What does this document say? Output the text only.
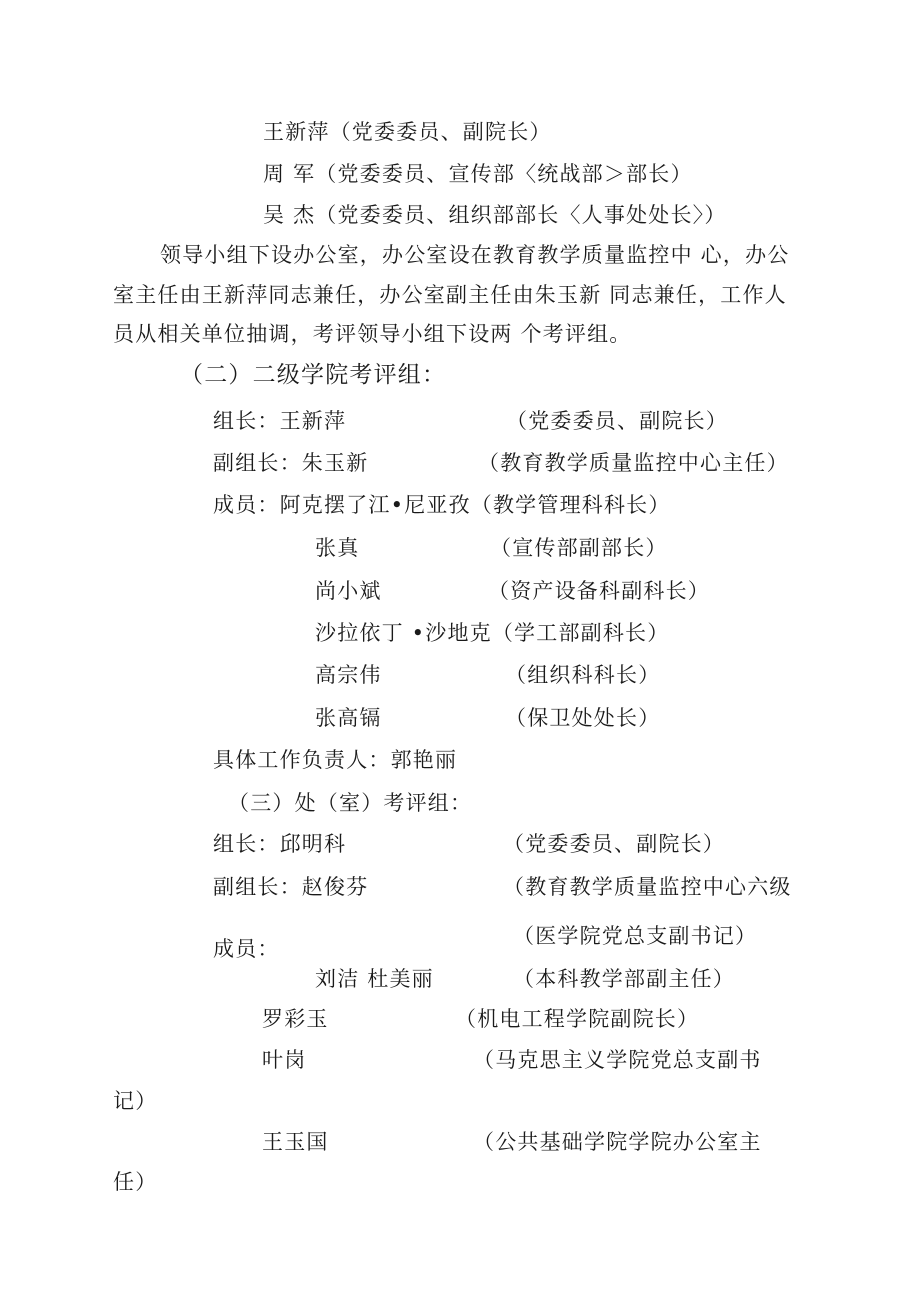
王新萍（党委委员、副院长）
周 军（党委委员、宣传部〈统战部＞部长）
吴 杰（党委委员、组织部部长〈人事处处长〉）
领导小组下设办公室，办公室设在教育教学质量监控中 心，办公
室主任由王新萍同志兼任，办公室副主任由朱玉新 同志兼任，工作人
员从相关单位抽调，考评领导小组下设两 个考评组。
（二）二级学院考评组：
组长：王新萍	（党委委员、副院长）
副组长：朱玉新	（教育教学质量监控中心主任）
成员：阿克摆了江•尼亚孜（教学管理科科长）
张真	（宣传部副部长）
尚小斌	（资产设备科副科长）
沙拉依丁 •沙地克（学工部副科长）
高宗伟	（组织科科长）
张高镉	（保卫处处长）
具体工作负责人：郭艳丽
（三）处（室）考评组：
组长：邱明科	（党委委员、副院长）
副组长：赵俊芬	（教育教学质量监控中心六级
（医学院党总支副书记）
成员：
刘洁 杜美丽	（本科教学部副主任）
罗彩玉	（机电工程学院副院长）
叶岗	（马克思主义学院党总支副书
记）
王玉国	（公共基础学院学院办公室主
任）
